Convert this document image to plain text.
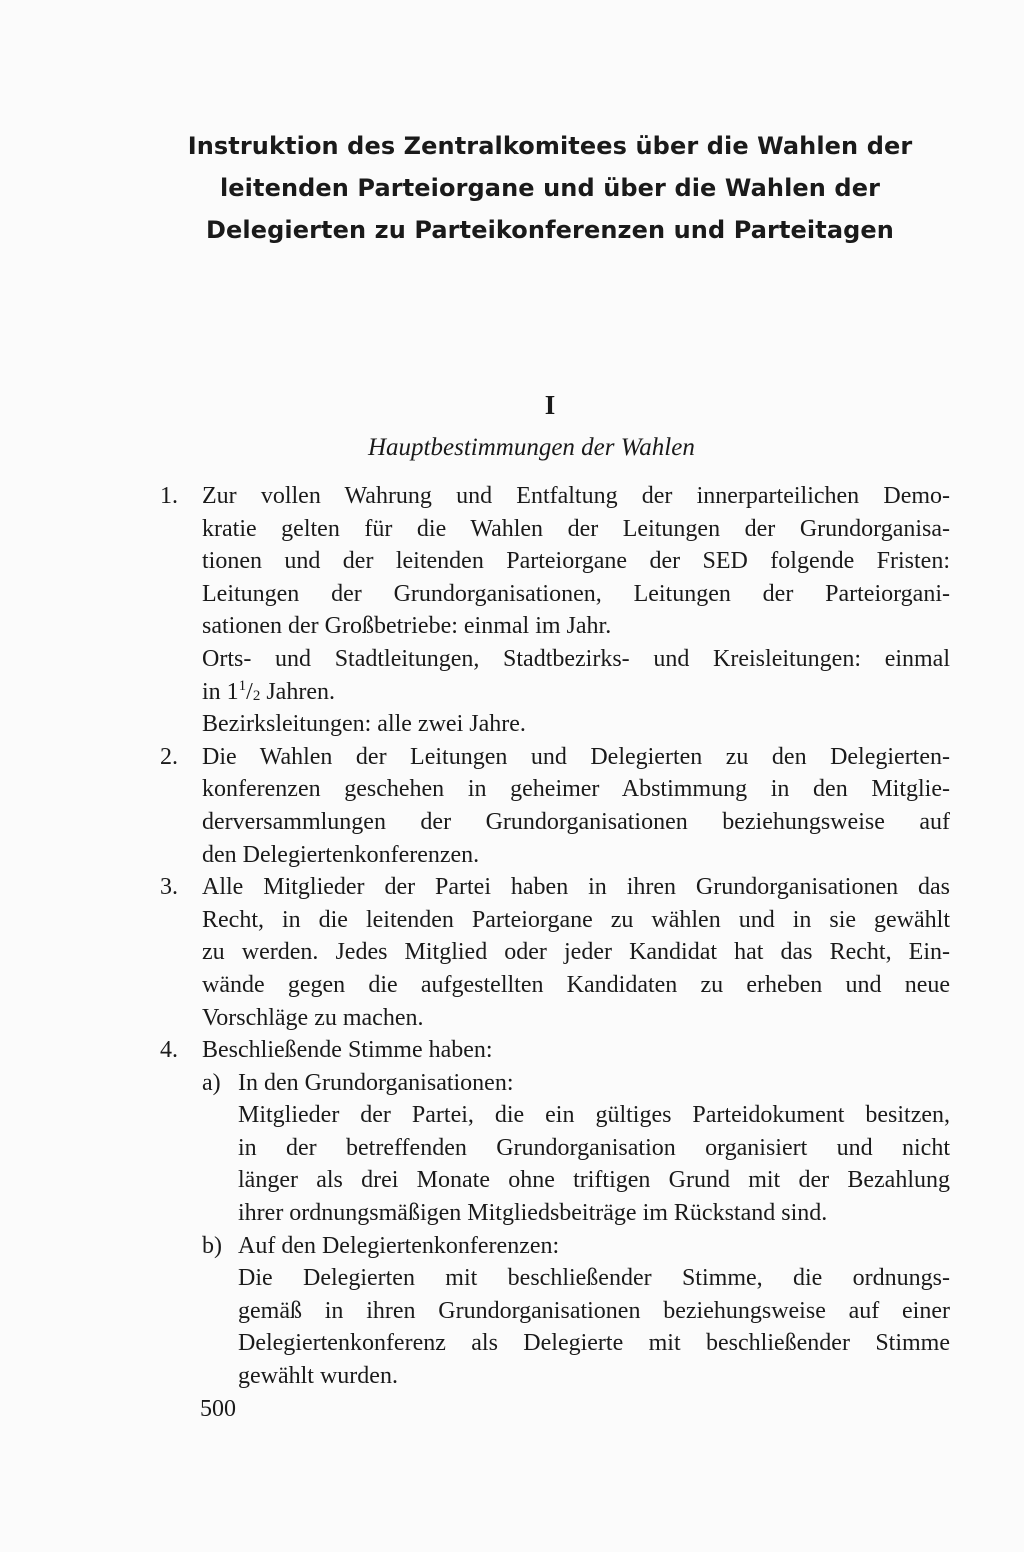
Instruktion des Zentralkomitees über die Wahlen der
leitenden Parteiorgane und über die Wahlen der
Delegierten zu Parteikonferenzen und Parteitagen
I
Hauptbestimmungen der Wahlen
1. Zur vollen Wahrung und Entfaltung der innerparteilichen Demo-
kratie gelten für die Wahlen der Leitungen der Grundorganisa-
tionen und der leitenden Parteiorgane der SED folgende Fristen:
Leitungen der Grundorganisationen, Leitungen der Parteiorgani-
sationen der Großbetriebe: einmal im Jahr.
Orts- und Stadtleitungen, Stadtbezirks- und Kreisleitungen: einmal
in $1^1/_2$ Jahren.
Bezirksleitungen: alle zwei Jahre.
2. Die Wahlen der Leitungen und Delegierten zu den Delegierten-
konferenzen geschehen in geheimer Abstimmung in den Mitglie-
derversammlungen der Grundorganisationen beziehungsweise auf
den Delegiertenkonferenzen.
3. Alle Mitglieder der Partei haben in ihren Grundorganisationen das
Recht, in die leitenden Parteiorgane zu wählen und in sie gewählt
zu werden. Jedes Mitglied oder jeder Kandidat hat das Recht, Ein-
wände gegen die aufgestellten Kandidaten zu erheben und neue
Vorschläge zu machen.
4. Beschließende Stimme haben:
a) In den Grundorganisationen:
Mitglieder der Partei, die ein gültiges Parteidokument besitzen,
in der betreffenden Grundorganisation organisiert und nicht
länger als drei Monate ohne triftigen Grund mit der Bezahlung
ihrer ordnungsmäßigen Mitgliedsbeiträge im Rückstand sind.
b) Auf den Delegiertenkonferenzen:
Die Delegierten mit beschließender Stimme, die ordnungs-
gemäß in ihren Grundorganisationen beziehungsweise auf einer
Delegiertenkonferenz als Delegierte mit beschließender Stimme
gewählt wurden.
500
